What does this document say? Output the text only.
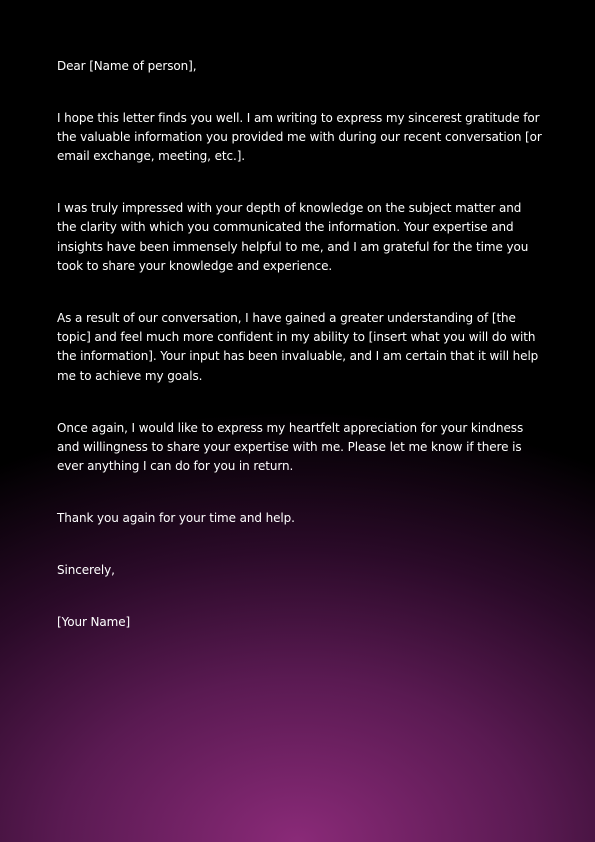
Dear [Name of person],

I hope this letter finds you well. I am writing to express my sincerest gratitude for the valuable information you provided me with during our recent conversation [or email exchange, meeting, etc.].

I was truly impressed with your depth of knowledge on the subject matter and the clarity with which you communicated the information. Your expertise and insights have been immensely helpful to me, and I am grateful for the time you took to share your knowledge and experience.

As a result of our conversation, I have gained a greater understanding of [the topic] and feel much more confident in my ability to [insert what you will do with the information]. Your input has been invaluable, and I am certain that it will help me to achieve my goals.

Once again, I would like to express my heartfelt appreciation for your kindness and willingness to share your expertise with me. Please let me know if there is ever anything I can do for you in return.

Thank you again for your time and help.

Sincerely,

[Your Name]
